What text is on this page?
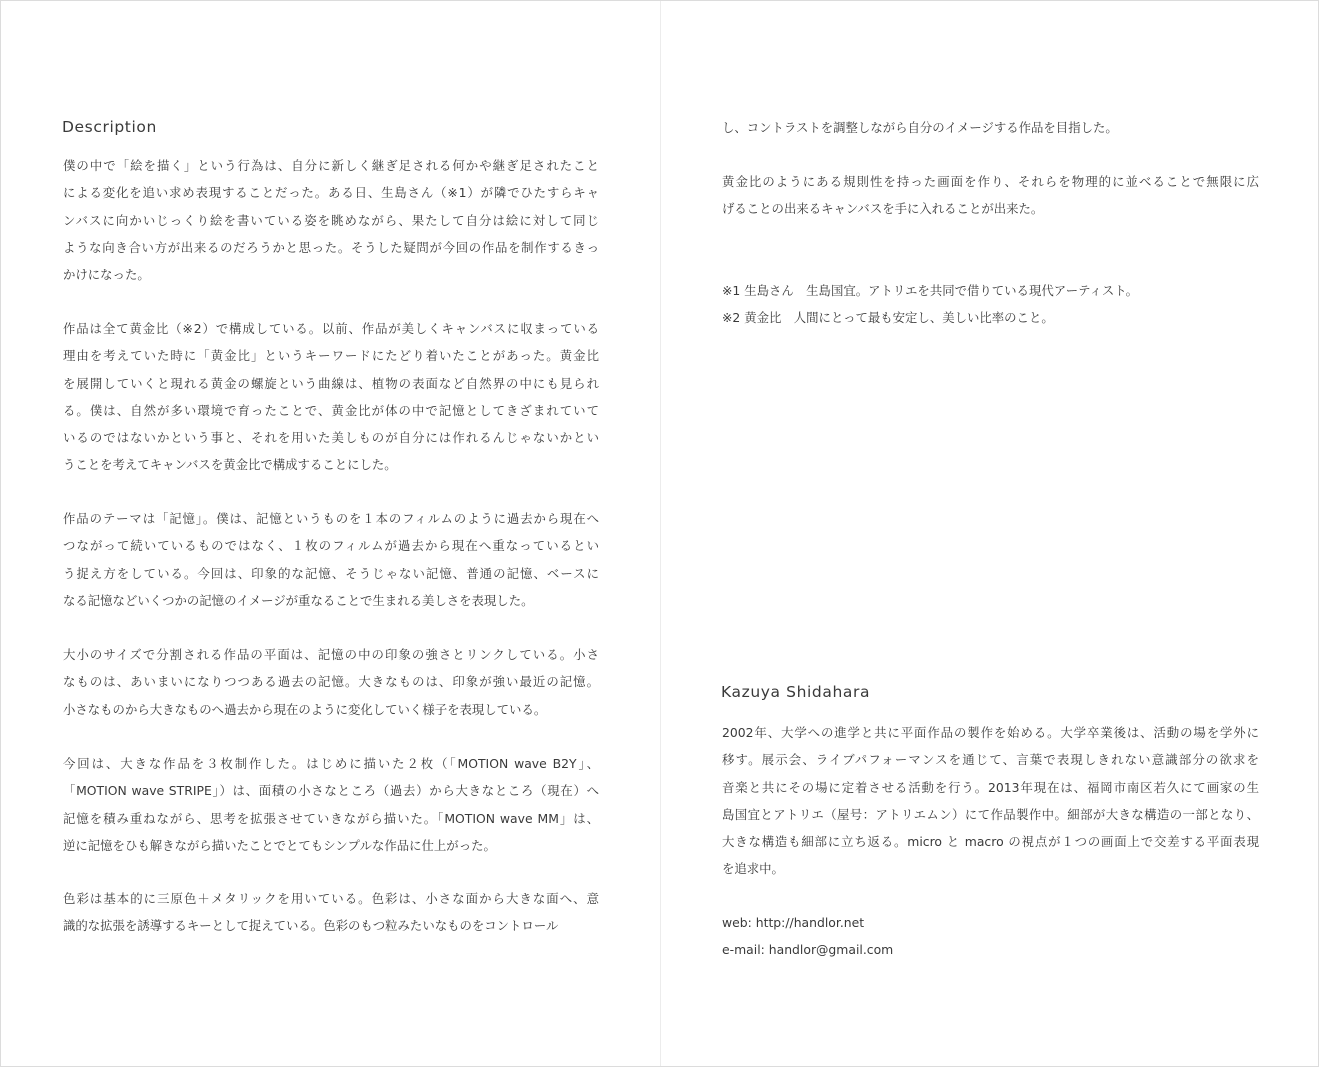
Description
僕の中で「絵を描く」という行為は、自分に新しく継ぎ足される何かや継ぎ足されたこと
による変化を追い求め表現することだった。ある日、生島さん（※1）が隣でひたすらキャ
ンバスに向かいじっくり絵を書いている姿を眺めながら、果たして自分は絵に対して同じ
ような向き合い方が出来るのだろうかと思った。そうした疑問が今回の作品を制作するきっ
かけになった。
作品は全て黄金比（※2）で構成している。以前、作品が美しくキャンバスに収まっている
理由を考えていた時に「黄金比」というキーワードにたどり着いたことがあった。黄金比
を展開していくと現れる黄金の螺旋という曲線は、植物の表面など自然界の中にも見られ
る。僕は、自然が多い環境で育ったことで、黄金比が体の中で記憶としてきざまれていて
いるのではないかという事と、それを用いた美しものが自分には作れるんじゃないかとい
うことを考えてキャンバスを黄金比で構成することにした。
作品のテーマは「記憶」。僕は、記憶というものを１本のフィルムのように過去から現在へ
つながって続いているものではなく、１枚のフィルムが過去から現在へ重なっているとい
う捉え方をしている。今回は、印象的な記憶、そうじゃない記憶、普通の記憶、ベースに
なる記憶などいくつかの記憶のイメージが重なることで生まれる美しさを表現した。
大小のサイズで分割される作品の平面は、記憶の中の印象の強さとリンクしている。小さ
なものは、あいまいになりつつある過去の記憶。大きなものは、印象が強い最近の記憶。
小さなものから大きなものへ過去から現在のように変化していく様子を表現している。
今回は、大きな作品を３枚制作した。はじめに描いた２枚（「MOTION wave B2Y」、
「MOTION wave STRIPE」）は、面積の小さなところ（過去）から大きなところ（現在）へ
記憶を積み重ねながら、思考を拡張させていきながら描いた。「MOTION wave MM」は、
逆に記憶をひも解きながら描いたことでとてもシンプルな作品に仕上がった。
色彩は基本的に三原色＋メタリックを用いている。色彩は、小さな面から大きな面へ、意
識的な拡張を誘導するキーとして捉えている。色彩のもつ粒みたいなものをコントロール
し、コントラストを調整しながら自分のイメージする作品を目指した。
黄金比のようにある規則性を持った画面を作り、それらを物理的に並べることで無限に広
げることの出来るキャンバスを手に入れることが出来た。
※1 生島さん　生島国宜。アトリエを共同で借りている現代アーティスト。
※2 黄金比　人間にとって最も安定し、美しい比率のこと。
Kazuya Shidahara
2002年、大学への進学と共に平面作品の製作を始める。大学卒業後は、活動の場を学外に
移す。展示会、ライブパフォーマンスを通じて、言葉で表現しきれない意識部分の欲求を
音楽と共にその場に定着させる活動を行う。2013年現在は、福岡市南区若久にて画家の生
島国宜とアトリエ（屋号：アトリエムン）にて作品製作中。細部が大きな構造の一部となり、
大きな構造も細部に立ち返る。micro と macro の視点が１つの画面上で交差する平面表現
を追求中。
web: http://handlor.net
e-mail: handlor@gmail.com
